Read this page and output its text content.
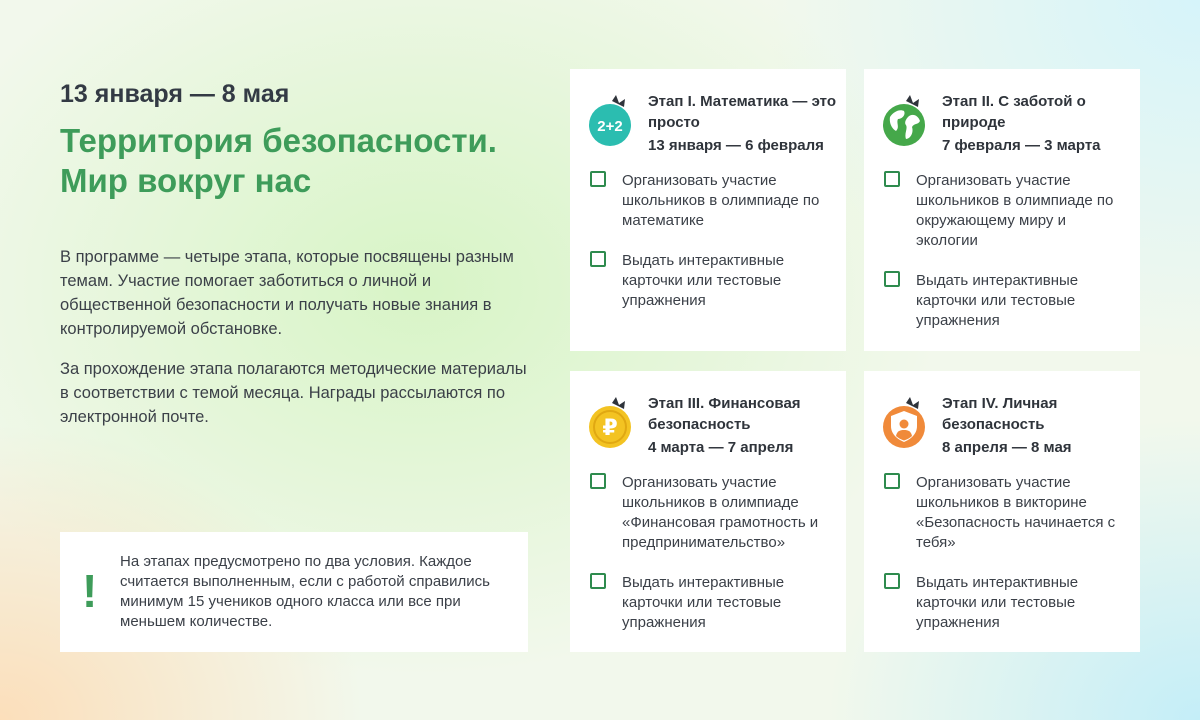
13 января — 8 мая
Территория безопасности.
Мир вокруг нас

В программе — четыре этапа, которые посвящены разным темам. Участие помогает заботиться о личной и общественной безопасности и получать новые знания в контролируемой обстановке.

За прохождение этапа полагаются методические материалы в соответствии с темой месяца. Награды рассылаются по электронной почте.

!
На этапах предусмотрено по два условия. Каждое считается выполненным, если с работой справились минимум 15 учеников одного класса или все при меньшем количестве.
2+2
Этап I. Математика — это просто
13 января — 6 февраля
Организовать участие школьников в олимпиаде по математике
Выдать интерактивные карточки или тестовые упражнения
Этап II. С заботой о природе
7 февраля — 3 марта
Организовать участие школьников в олимпиаде по окружающему миру и экологии
Выдать интерактивные карточки или тестовые упражнения
₽
Этап III. Финансовая безопасность
4 марта — 7 апреля
Организовать участие школьников в олимпиаде «Финансовая грамотность и предпринимательство»
Выдать интерактивные карточки или тестовые упражнения
Этап IV. Личная безопасность
8 апреля — 8 мая
Организовать участие школьников в викторине «Безопасность начинается с тебя»
Выдать интерактивные карточки или тестовые упражнения
